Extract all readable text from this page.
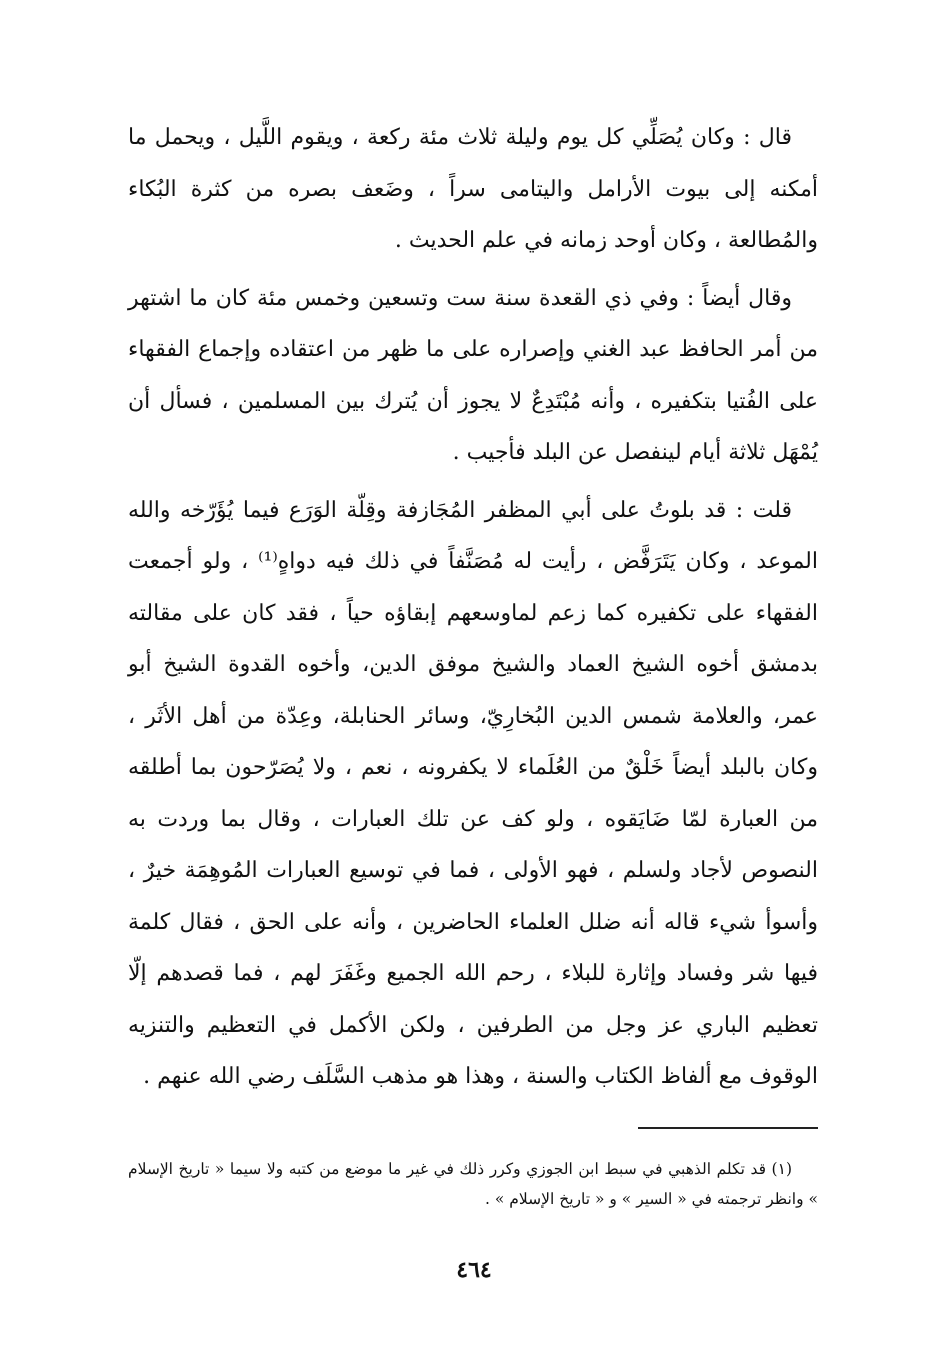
قال : وكان يُصَلِّي كل يوم وليلة ثلاث مئة ركعة ، ويقوم اللَّيل ، ويحمل ما أمكنه إلى بيوت الأرامل واليتامى سراً ، وضَعف بصره من كثرة البُكاء والمُطالعة ، وكان أوحد زمانه في علم الحديث .

وقال أيضاً : وفي ذي القعدة سنة ست وتسعين وخمس مئة كان ما اشتهر من أمر الحافظ عبد الغني وإصراره على ما ظهر من اعتقاده وإجماع الفقهاء على الفُتيا بتكفيره ، وأنه مُبْتَدِعٌ لا يجوز أن يُترك بين المسلمين ، فسأل أن يُمْهَل ثلاثة أيام لينفصل عن البلد فأجيب .

قلت : قد بلوتُ على أبي المظفر المُجَازفة وقِلّة الوَرَع فيما يُؤَرّخه والله الموعد ، وكان يَتَرَفَّض ، رأيت له مُصَنَّفاً في ذلك فيه دواهٍ⁽¹⁾ ، ولو أجمعت الفقهاء على تكفيره كما زعم لماوسعهم إبقاؤه حياً ، فقد كان على مقالته بدمشق أخوه الشيخ العماد والشيخ موفق الدين، وأخوه القدوة الشيخ أبو عمر، والعلامة شمس الدين البُخارِيّ، وسائر الحنابلة، وعِدّة من أهل الأثَر ، وكان بالبلد أيضاً خَلْقٌ من العُلَماء لا يكفرونه ، نعم ، ولا يُصَرّحون بما أطلقه من العبارة لمّا ضَايَقوه ، ولو كف عن تلك العبارات ، وقال بما وردت به النصوص لأجاد ولسلم ، فهو الأولى ، فما في توسيع العبارات المُوهِمَة خيرٌ ، وأسوأ شيء قاله أنه ضلل العلماء الحاضرين ، وأنه على الحق ، فقال كلمة فيها شر وفساد وإثارة للبلاء ، رحم الله الجميع وغَفَرَ لهم ، فما قصدهم إلّا تعظيم الباري عز وجل من الطرفين ، ولكن الأكمل في التعظيم والتنزيه الوقوف مع ألفاظ الكتاب والسنة ، وهذا هو مذهب السَّلَف رضي الله عنهم .

(١) قد تكلم الذهبي في سبط ابن الجوزي وكرر ذلك في غير ما موضع من كتبه ولا سيما « تاريخ الإسلام » وانظر ترجمته في « السير » و « تاريخ الإسلام » .

٤٦٤
